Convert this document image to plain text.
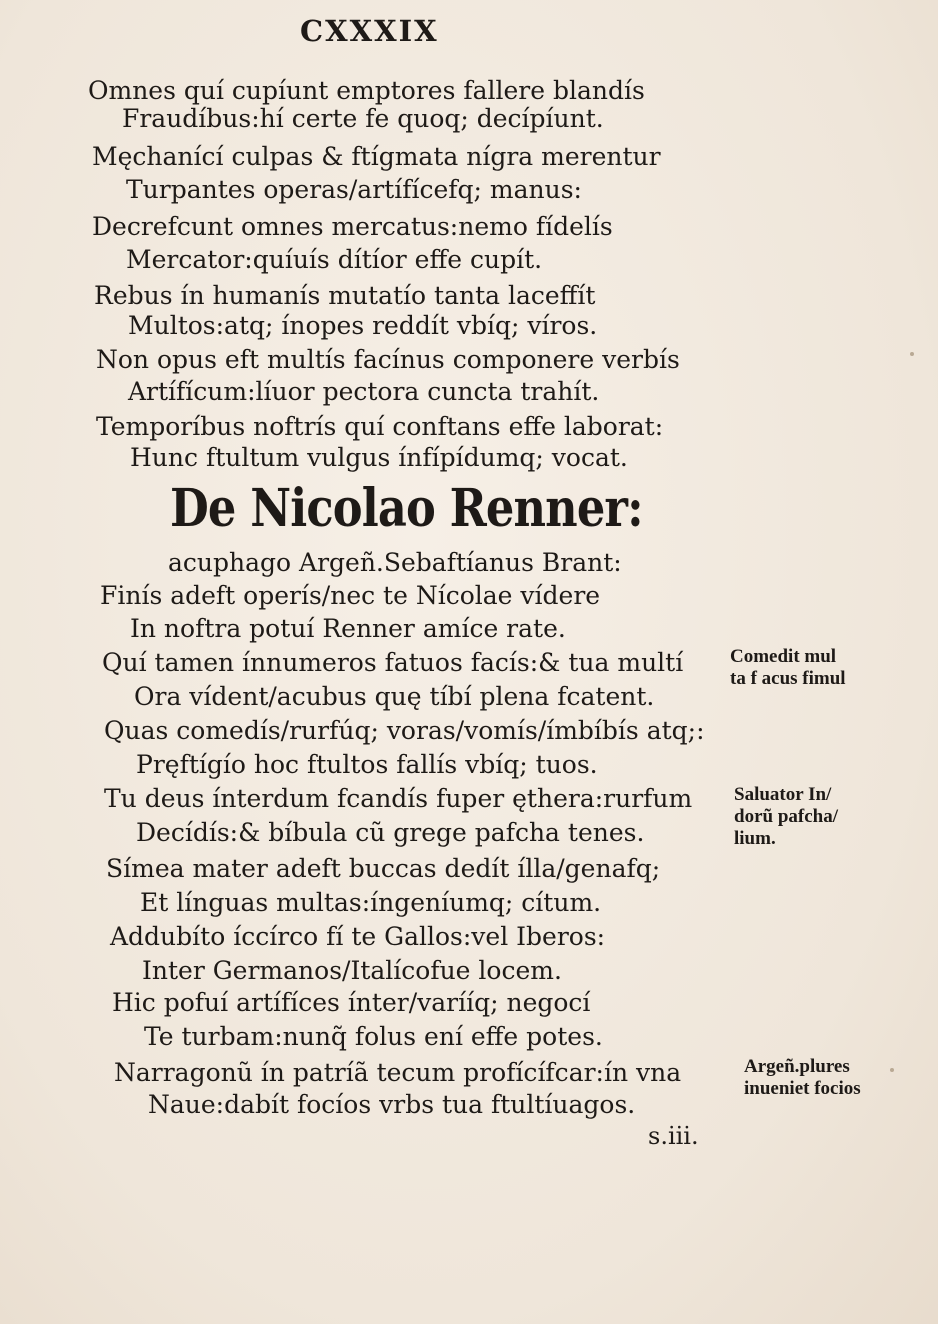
CXXXIX
Omnes quí cupíunt emptores fallere blandís
Fraudíbus:hí certe fe quoq; decípíunt.
Męchanící culpas & ftígmata nígra merentur
Turpantes operas/artífícefq; manus:
Decrefcunt omnes mercatus:nemo fídelís
Mercator:quíuís dítíor effe cupít.
Rebus ín humanís mutatío tanta laceffít
Multos:atq; ínopes reddít vbíq; víros.
Non opus eft multís facínus componere verbís
Artífícum:líuor pectora cuncta trahít.
Temporíbus noftrís quí conftans effe laborat:
Hunc ftultum vulgus ínfípídumq; vocat.
De Nicolao Renner:
acuphago Argeñ.Sebaftíanus Brant:
Finís adeft operís/nec te Nícolae vídere
In noftra potuí Renner amíce rate.
Quí tamen ínnumeros fatuos facís:& tua multí
Ora vídent/acubus quę tíbí plena fcatent.
Quas comedís/rurfúq; voras/vomís/ímbíbís atq;:
Pręftígío hoc ftultos fallís vbíq; tuos.
Tu deus ínterdum fcandís fuper ęthera:rurfum
Decídís:& bíbula cũ grege pafcha tenes.
Símea mater adeft buccas dedít ílla/genafq;
Et línguas multas:íngeníumq; cítum.
Addubíto íccírco fí te Gallos:vel Iberos:
Inter Germanos/Italícofue locem.
Hic pofuí artífíces ínter/varííq; negocí
Te turbam:nunq̃ folus ení effe potes.
Narragonũ ín patríã tecum profícífcar:ín vna
Naue:dabít focíos vrbs tua ftultíuagos.
Comedit mul
ta f acus fimul
Saluator In/
dorũ pafcha/
lium.
Argeñ.plures
inueniet focios
s.iii.
